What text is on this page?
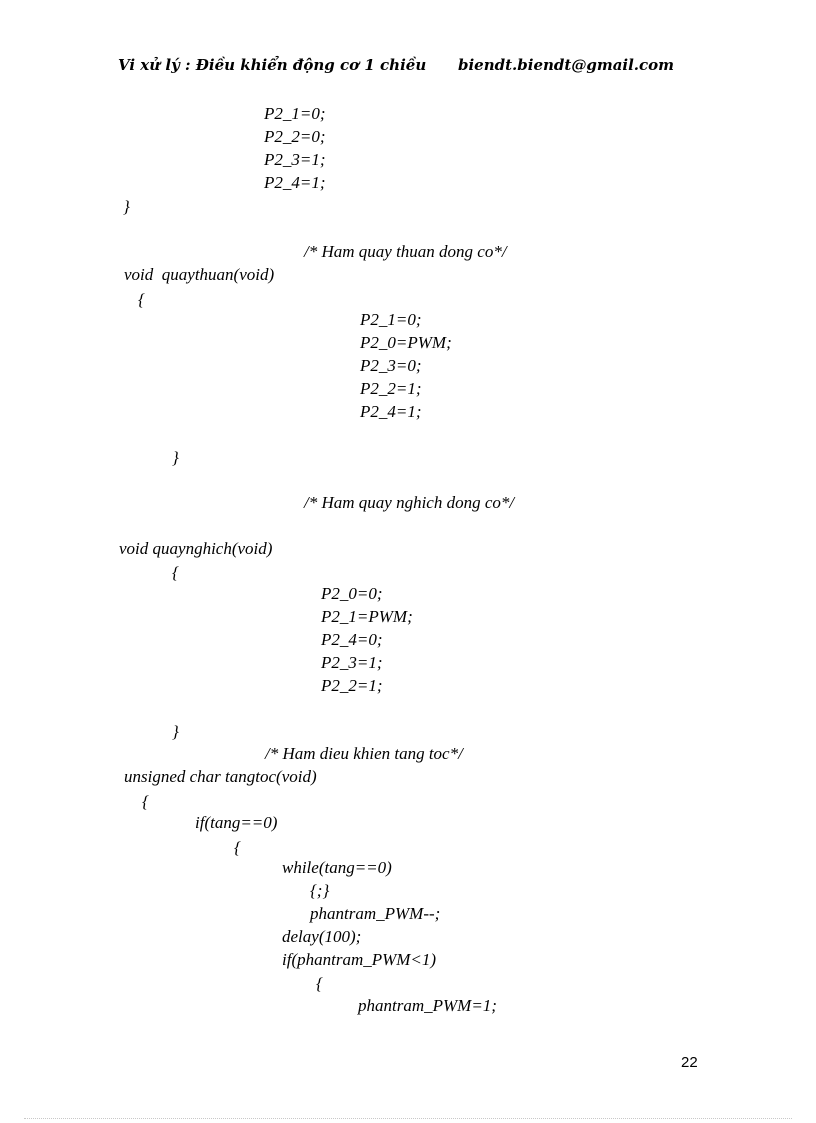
Vi xử lý : Điều khiển động cơ 1 chiều biendt.biendt@gmail.com
P2_1=0;
P2_2=0;
P2_3=1;
P2_4=1;
}
/* Ham quay thuan dong co*/
void  quaythuan(void)
{
P2_1=0;
P2_0=PWM;
P2_3=0;
P2_2=1;
P2_4=1;
}
/* Ham quay nghich dong co*/
void quaynghich(void)
{
P2_0=0;
P2_1=PWM;
P2_4=0;
P2_3=1;
P2_2=1;
}
/* Ham dieu khien tang toc*/
unsigned char tangtoc(void)
{
if(tang==0)
{
while(tang==0)
{;}
phantram_PWM--;
delay(100);
if(phantram_PWM<1)
{
phantram_PWM=1;
22
